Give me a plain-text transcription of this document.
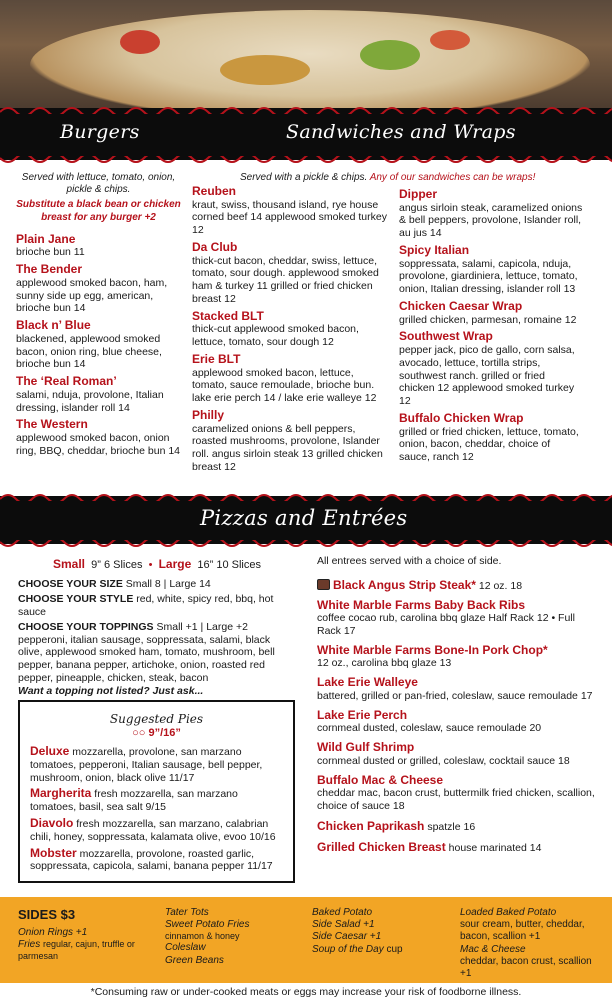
Burgers	Sandwiches and Wraps
Served with lettuce, tomato, onion, pickle & chips.
Substitute a black bean or chicken breast for any burger +2
Plain Jane
brioche bun 11
The Bender
applewood smoked bacon, ham, sunny side up egg, american, brioche bun 14
Black n’ Blue
blackened, applewood smoked bacon, onion ring, blue cheese, brioche bun 14
The ‘Real Roman’
salami, nduja, provolone, Italian dressing, islander roll 14
The Western
applewood smoked bacon, onion ring, BBQ, cheddar, brioche bun 14
Served with a pickle & chips. Any of our sandwiches can be wraps!
Reuben
kraut, swiss, thousand island, rye house corned beef 14 applewood smoked turkey 12
Da Club
thick-cut bacon, cheddar, swiss, lettuce, tomato, sour dough. applewood smoked ham & turkey 11 grilled or fried chicken breast 12
Stacked BLT
thick-cut applewood smoked bacon, lettuce, tomato, sour dough 12
Erie BLT
applewood smoked bacon, lettuce, tomato, sauce remoulade, brioche bun. lake erie perch 14 / lake erie walleye 12
Philly
caramelized onions & bell peppers, roasted mushrooms, provolone, Islander roll. angus sirloin steak 13 grilled chicken breast 12
Dipper
angus sirloin steak, caramelized onions & bell peppers, provolone, Islander roll, au jus 14
Spicy Italian
soppressata, salami, capicola, nduja, provolone, giardiniera, lettuce, tomato, onion, Italian dressing, islander roll 13
Chicken Caesar Wrap
grilled chicken, parmesan, romaine 12
Southwest Wrap
pepper jack, pico de gallo, corn salsa, avocado, lettuce, tortilla strips, southwest ranch. grilled or fried chicken 12 applewood smoked turkey 12
Buffalo Chicken Wrap
grilled or fried chicken, lettuce, tomato, onion, bacon, cheddar, choice of sauce, ranch 12
Pizzas and Entrées
Small 9” 6 Slices  •  Large 16” 10 Slices
CHOOSE YOUR SIZE Small 8 | Large 14
CHOOSE YOUR STYLE red, white, spicy red, bbq, hot sauce
CHOOSE YOUR TOPPINGS Small +1 | Large +2
pepperoni, italian sausage, soppressata, salami, black olive, applewood smoked ham, tomato, mushroom, bell pepper, banana pepper, artichoke, onion, roasted red pepper, pineapple, chicken, steak, bacon
Want a topping not listed? Just ask...
Suggested Pies
○○ 9”/16”
Deluxe mozzarella, provolone, san marzano tomatoes, pepperoni, Italian sausage, bell pepper, mushroom, onion, black olive 11/17
Margherita fresh mozzarella, san marzano tomatoes, basil, sea salt 9/15
Diavolo fresh mozzarella, san marzano, calabrian chili, honey, soppressata, kalamata olive, evoo 10/16
Mobster mozzarella, provolone, roasted garlic, soppressata, capicola, salami, banana pepper 11/17
All entrees served with a choice of side.
Black Angus Strip Steak* 12 oz. 18
White Marble Farms Baby Back Ribs
coffee cocao rub, carolina bbq glaze Half Rack 12 • Full Rack 17
White Marble Farms Bone-In Pork Chop*
12 oz., carolina bbq glaze 13
Lake Erie Walleye
battered, grilled or pan-fried, coleslaw, sauce remoulade 17
Lake Erie Perch
cornmeal dusted, coleslaw, sauce remoulade 20
Wild Gulf Shrimp
cornmeal dusted or grilled, coleslaw, cocktail sauce 18
Buffalo Mac & Cheese
cheddar mac, bacon crust, buttermilk fried chicken, scallion, choice of sauce 18
Chicken Paprikash spatzle 16
Grilled Chicken Breast house marinated 14
SIDES $3
Onion Rings +1
Fries regular, cajun, truffle or parmesan
Tater Tots
Sweet Potato Fries
cinnamon & honey
Coleslaw
Green Beans
Baked Potato
Side Salad +1
Side Caesar +1
Soup of the Day cup
Loaded Baked Potato
sour cream, butter, cheddar, bacon, scallion +1
Mac & Cheese
cheddar, bacon crust, scallion +1
*Consuming raw or under-cooked meats or eggs may increase your risk of foodborne illness.
